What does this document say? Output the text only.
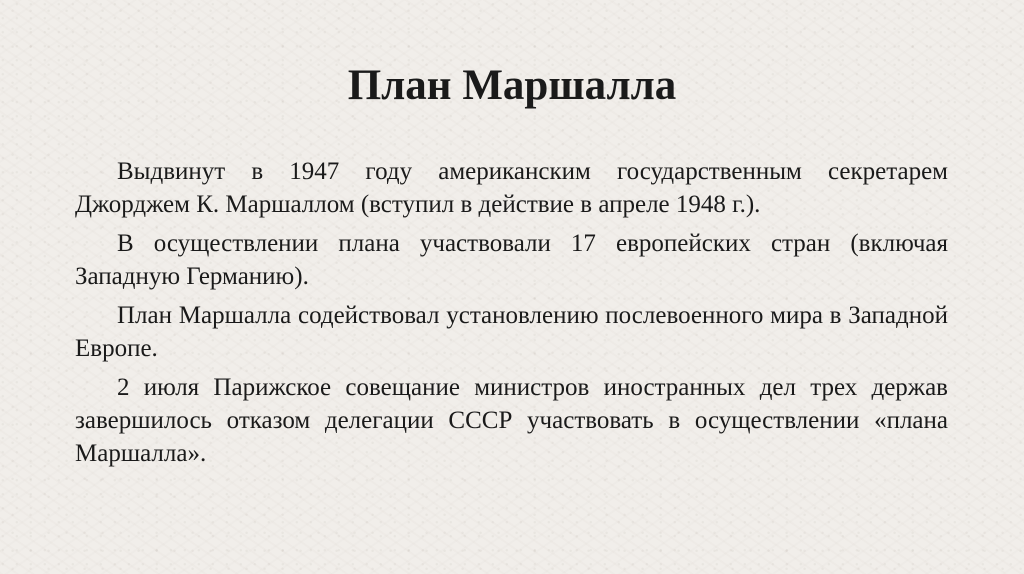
План Маршалла

Выдвинут в 1947 году американским государственным секретарем Джорджем К. Маршаллом (вступил в действие в апреле 1948 г.).

В осуществлении плана участвовали 17 европейских стран (включая Западную Германию).

План Маршалла содействовал установлению послевоенного мира в Западной Европе.

2 июля Парижское совещание министров иностранных дел трех держав завершилось отказом делегации СССР участвовать в осуществлении «плана Маршалла».
